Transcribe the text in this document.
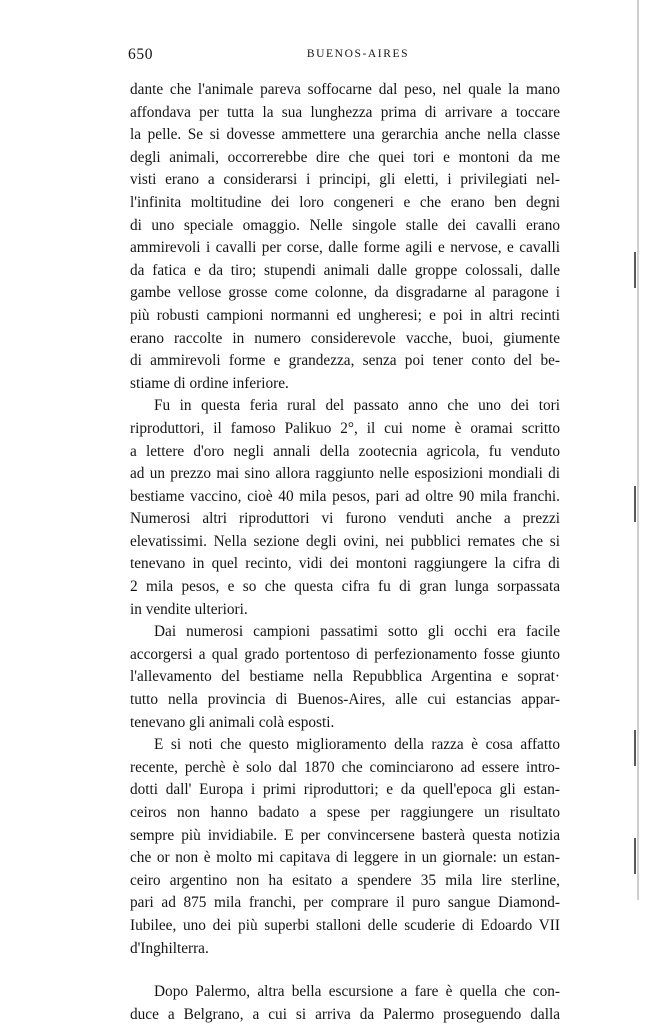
650	BUENOS-AIRES
dante che l'animale pareva soffocarne dal peso, nel quale la mano
affondava per tutta la sua lunghezza prima di arrivare a toccare
la pelle. Se si dovesse ammettere una gerarchia anche nella classe
degli animali, occorrerebbe dire che quei tori e montoni da me
visti erano a considerarsi i principi, gli eletti, i privilegiati nel-
l'infinita moltitudine dei loro congeneri e che erano ben degni
di uno speciale omaggio. Nelle singole stalle dei cavalli erano
ammirevoli i cavalli per corse, dalle forme agili e nervose, e cavalli
da fatica e da tiro; stupendi animali dalle groppe colossali, dalle
gambe vellose grosse come colonne, da disgradarne al paragone i
più robusti campioni normanni ed ungheresi; e poi in altri recinti
erano raccolte in numero considerevole vacche, buoi, giumente
di ammirevoli forme e grandezza, senza poi tener conto del be-
stiame di ordine inferiore.
Fu in questa feria rural del passato anno che uno dei tori
riproduttori, il famoso Palikuo 2°, il cui nome è oramai scritto
a lettere d'oro negli annali della zootecnia agricola, fu venduto
ad un prezzo mai sino allora raggiunto nelle esposizioni mondiali di
bestiame vaccino, cioè 40 mila pesos, pari ad oltre 90 mila franchi.
Numerosi altri riproduttori vi furono venduti anche a prezzi
elevatissimi. Nella sezione degli ovini, nei pubblici remates che si
tenevano in quel recinto, vidi dei montoni raggiungere la cifra di
2 mila pesos, e so che questa cifra fu di gran lunga sorpassata
in vendite ulteriori.
Dai numerosi campioni passatimi sotto gli occhi era facile
accorgersi a qual grado portentoso di perfezionamento fosse giunto
l'allevamento del bestiame nella Repubblica Argentina e soprat·
tutto nella provincia di Buenos-Aires, alle cui estancias appar-
tenevano gli animali colà esposti.
E si noti che questo miglioramento della razza è cosa affatto
recente, perchè è solo dal 1870 che cominciarono ad essere intro-
dotti dall' Europa i primi riproduttori; e da quell'epoca gli estan-
ceiros non hanno badato a spese per raggiungere un risultato
sempre più invidiabile. E per convincersene basterà questa notizia
che or non è molto mi capitava di leggere in un giornale: un estan-
ceiro argentino non ha esitato a spendere 35 mila lire sterline,
pari ad 875 mila franchi, per comprare il puro sangue Diamond-
Iubilee, uno dei più superbi stalloni delle scuderie di Edoardo VII
d'Inghilterra.
Dopo Palermo, altra bella escursione a fare è quella che con-
duce a Belgrano, a cui si arriva da Palermo proseguendo dalla
